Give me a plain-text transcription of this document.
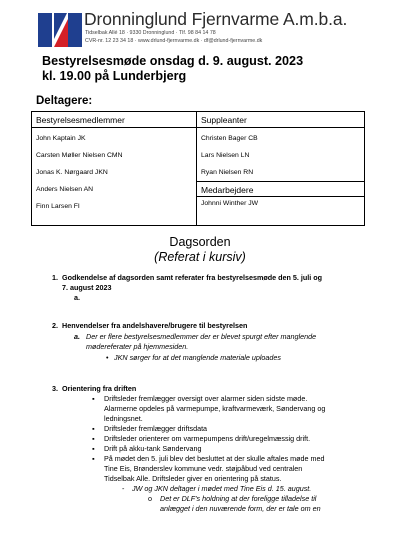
Dronninglund Fjernvarme A.m.b.a.
Tidselbak Allé 18 · 9330 Dronninglund · Tlf. 98 84 14 78
CVR-nr. 12 23 34 18 · www.drlund-fjernvarme.dk · df@drlund-fjernvarme.dk
Bestyrelsesmøde onsdag d. 9. august. 2023
kl. 19.00 på Lunderbjerg
Deltagere:
Bestyrelsesmedlemmer
John Kaptain JK
Carsten Møller Nielsen CMN
Jonas K. Nørgaard JKN
Anders Nielsen AN
Finn Larsen FI
Suppleanter
Christen Bager CB
Lars Nielsen LN
Ryan Nielsen RN
Medarbejdere
Johnni Winther JW
Dagsorden
(Referat i kursiv)
1. Godkendelse af dagsorden samt referater fra bestyrelsesmøde den 5. juli og
7. august 2023
a.
2. Henvendelser fra andelshavere/brugere til bestyrelsen
a. Der er flere bestyrelsesmedlemmer der er blevet spurgt efter manglende
mødereferater på hjemmesiden.
• JKN sørger for at det manglende materiale uploades
3. Orientering fra driften
▪ Driftsleder fremlægger oversigt over alarmer siden sidste møde.
Alarmerne opdeles på varmepumpe, kraftvarmeværk, Søndervang og
ledningsnet.
▪ Driftsleder fremlægger driftsdata
▪ Driftsleder orienterer om varmepumpens drift/uregelmæssig drift.
▪ Drift på akku-tank Søndervang
▪ På mødet den 5. juli blev det besluttet at der skulle aftales møde med
Tine Eis, Brønderslev kommune vedr. støjpåbud ved centralen
Tidselbak Alle. Driftsleder giver en orientering på status.
- JW og JKN deltager i mødet med Tine Eis d. 15. august.
o Det er DLF's holdning at der foreligge tilladelse til
anlægget i den nuværende form, der er tale om en
